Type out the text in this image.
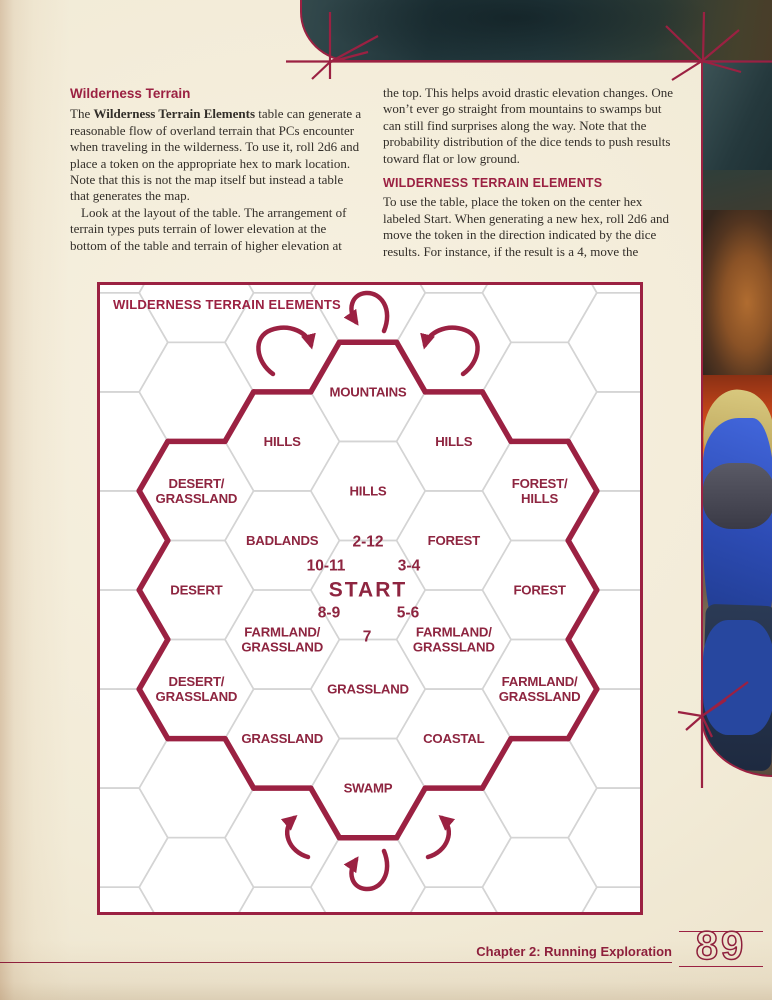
Wilderness Terrain

The Wilderness Terrain Elements table can generate a reasonable flow of overland terrain that PCs encounter when traveling in the wilderness. To use it, roll 2d6 and place a token on the appropriate hex to mark location. Note that this is not the map itself but instead a table that generates the map.

Look at the layout of the table. The arrangement of terrain types puts terrain of lower elevation at the bottom of the table and terrain of higher elevation at

the top. This helps avoid drastic elevation changes. One won’t ever go straight from mountains to swamps but can still find surprises along the way. Note that the probability distribution of the dice tends to push results toward flat or low ground.

WILDERNESS TERRAIN ELEMENTS

To use the table, place the token on the center hex labeled Start. When generating a new hex, roll 2d6 and move the token in the direction indicated by the dice results. For instance, if the result is a 4, move the

MOUNTAINS
HILLS	HILLS
DESERT/
GRASSLAND	HILLS	FOREST/
HILLS
BADLANDS	FOREST
DESERT	START	FOREST
FARMLAND/
GRASSLAND
FARMLAND/
GRASSLAND
DESERT/
GRASSLAND	GRASSLAND	FARMLAND/
GRASSLAND
GRASSLAND	COASTAL
SWAMP
2-12
10-11	3-4
8-9	5-6
7
WILDERNESS TERRAIN ELEMENTS
Chapter 2: Running Exploration 89
